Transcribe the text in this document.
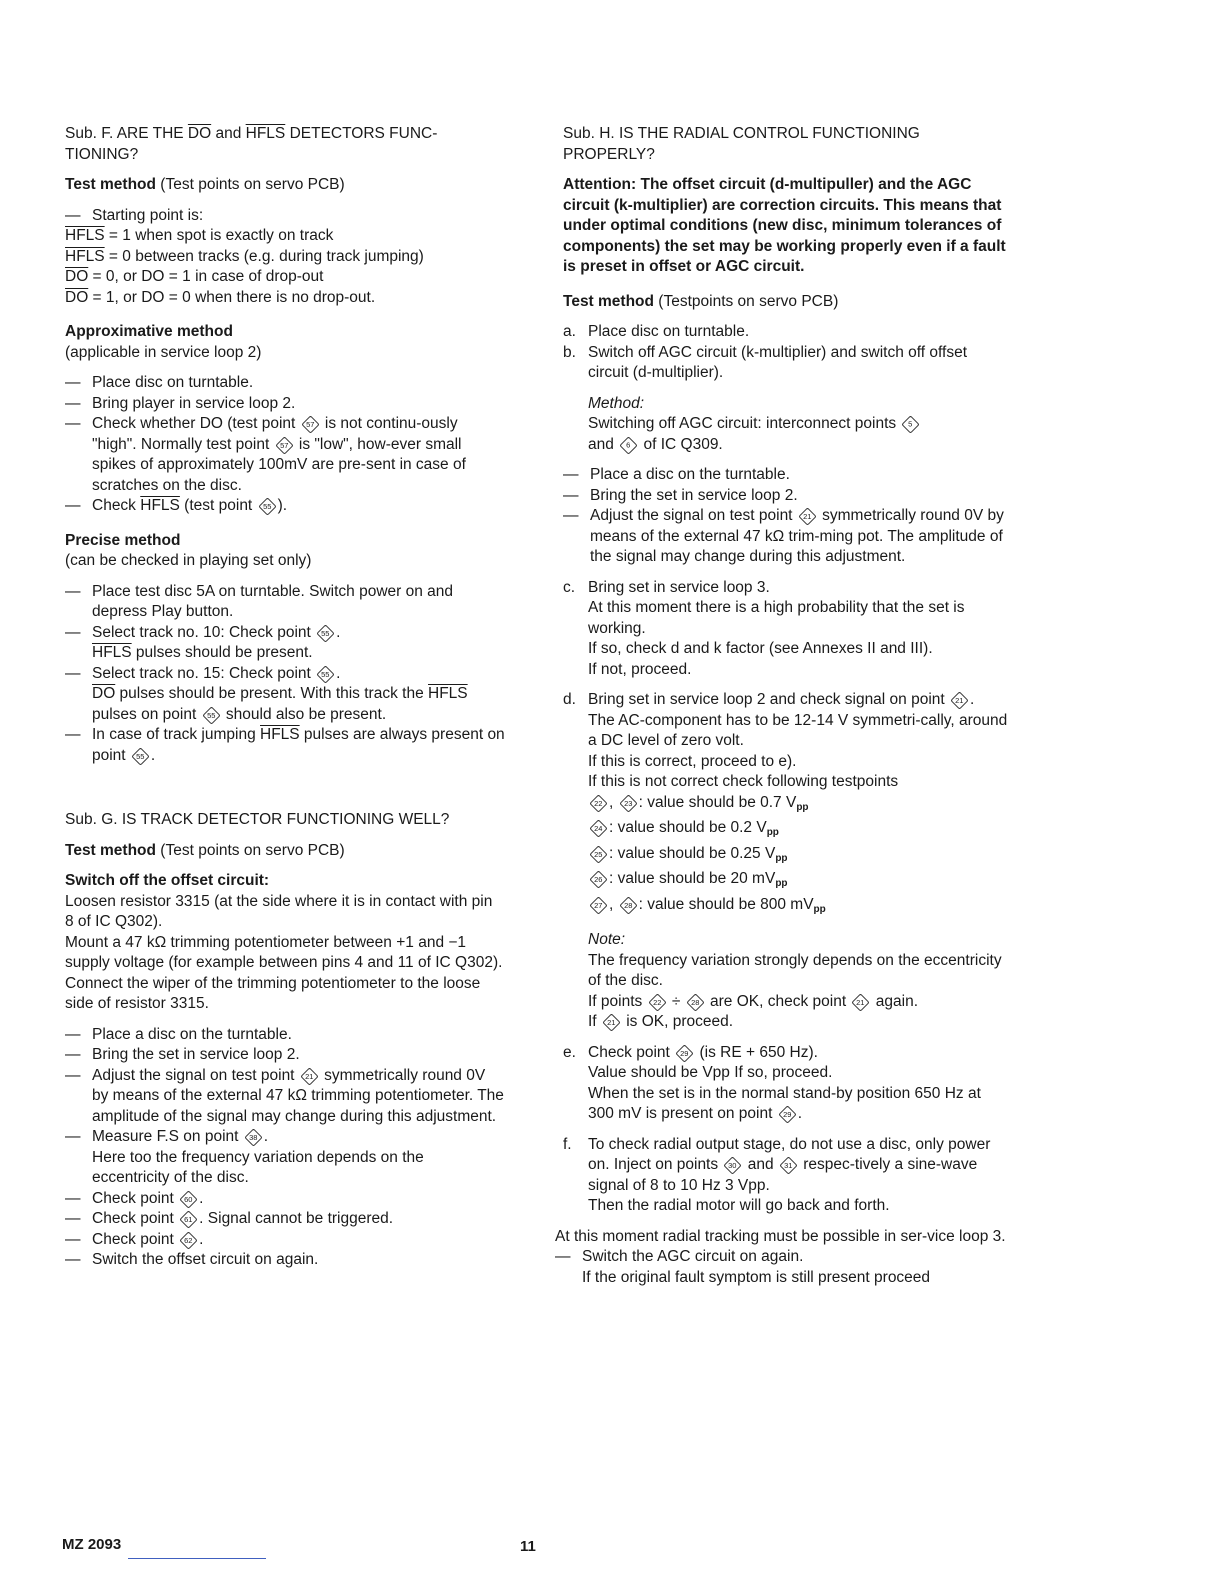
Sub. F. ARE THE $\overline{DO}$ and HFLS DETECTORS FUNC-
TIONING?

Test method (Test points on servo PCB)

— Starting point is:
HFLS = 1 when spot is exactly on track
HFLS = 0 between tracks (e.g. during track jumping)
$\overline{DO} = 0$, or DO = 1 in case of drop-out
$\overline{DO} = 1$, or DO = 0 when there is no drop-out.

Approximative method

(applicable in service loop 2)

— Place disc on turntable.
— Bring player in service loop 2.
— Check whether DO (test point 57 is not continu-ously "high". Normally test point 57 is "low", how-ever small spikes of approximately 100mV are pre-sent in case of scratches on the disc.
— Check HFLS (test point 55 ).

Precise method

(can be checked in playing set only)

— Place test disc 5A on turntable. Switch power on and depress Play button.
— Select track no. 10: Check point 55 .
HFLS pulses should be present.
— Select track no. 15: Check point 55 .
$\overline{DO}$ pulses should be present. With this track the HFLS pulses on point 55 should also be present.
— In case of track jumping HFLS pulses are always present on point 55 .

Sub. G. IS TRACK DETECTOR FUNCTIONING WELL?

Test method (Test points on servo PCB)

Switch off the offset circuit:

Loosen resistor 3315 (at the side where it is in contact with pin 8 of IC Q302).

Mount a 47 kΩ trimming potentiometer between +1 and −1 supply voltage (for example between pins 4 and 11 of IC Q302). Connect the wiper of the trimming potentiometer to the loose side of resistor 3315.

— Place a disc on the turntable.
— Bring the set in service loop 2.
— Adjust the signal on test point 21 symmetrically round 0V by means of the external 47 kΩ trimming potentiometer. The amplitude of the signal may change during this adjustment.
— Measure F.S on point 38 .
Here too the frequency variation depends on the eccentricity of the disc.
— Check point 60 .
— Check point 61 . Signal cannot be triggered.
— Check point 62 .
— Switch the offset circuit on again.

Sub. H. IS THE RADIAL CONTROL FUNCTIONING
PROPERLY?

Attention: The offset circuit (d-multipuller) and the AGC circuit (k-multiplier) are correction circuits. This means that under optimal conditions (new disc, minimum tolerances of components) the set may be working properly even if a fault is preset in offset or AGC circuit.

Test method (Testpoints on servo PCB)

a. Place disc on turntable.
b. Switch off AGC circuit (k-multiplier) and switch off offset circuit (d-multiplier).

Method:

Switching off AGC circuit: interconnect points 5
and 6 of IC Q309.

— Place a disc on the turntable.
— Bring the set in service loop 2.
— Adjust the signal on test point 21 symmetrically round 0V by means of the external 47 kΩ trim-ming pot. The amplitude of the signal may change during this adjustment.
c. Bring set in service loop 3.
At this moment there is a high probability that the set is working.
If so, check d and k factor (see Annexes II and III).
If not, proceed.
d. Bring set in service loop 2 and check signal on point 21 .
The AC-component has to be 12-14 V symmetri-cally, around a DC level of zero volt.
If this is correct, proceed to e).
If this is not correct check following testpoints
22 , 23 : value should be 0.7 $V_{pp}$
24 : value should be 0.2 $V_{pp}$
25 : value should be 0.25 $V_{pp}$
26 : value should be 20 $mV_{pp}$
27 , 28 : value should be 800 $mV_{pp}$

Note:

The frequency variation strongly depends on the eccentricity of the disc.
If points 22 ÷ 28 are OK, check point 21 again.
If 21 is OK, proceed.

e. Check point 29 (is RE + 650 Hz).
Value should be Vpp If so, proceed.
When the set is in the normal stand-by position 650 Hz at 300 mV is present on point 29 .
f.	To check radial output stage, do not use a disc, only power on. Inject on points 30 and 31 respec-tively a sine-wave signal of 8 to 10 Hz 3 Vpp.
Then the radial motor will go back and forth.

At this moment radial tracking must be possible in ser-vice loop 3.

— Switch the AGC circuit on again.
If the original fault symptom is still present proceed
MZ 2093	11
